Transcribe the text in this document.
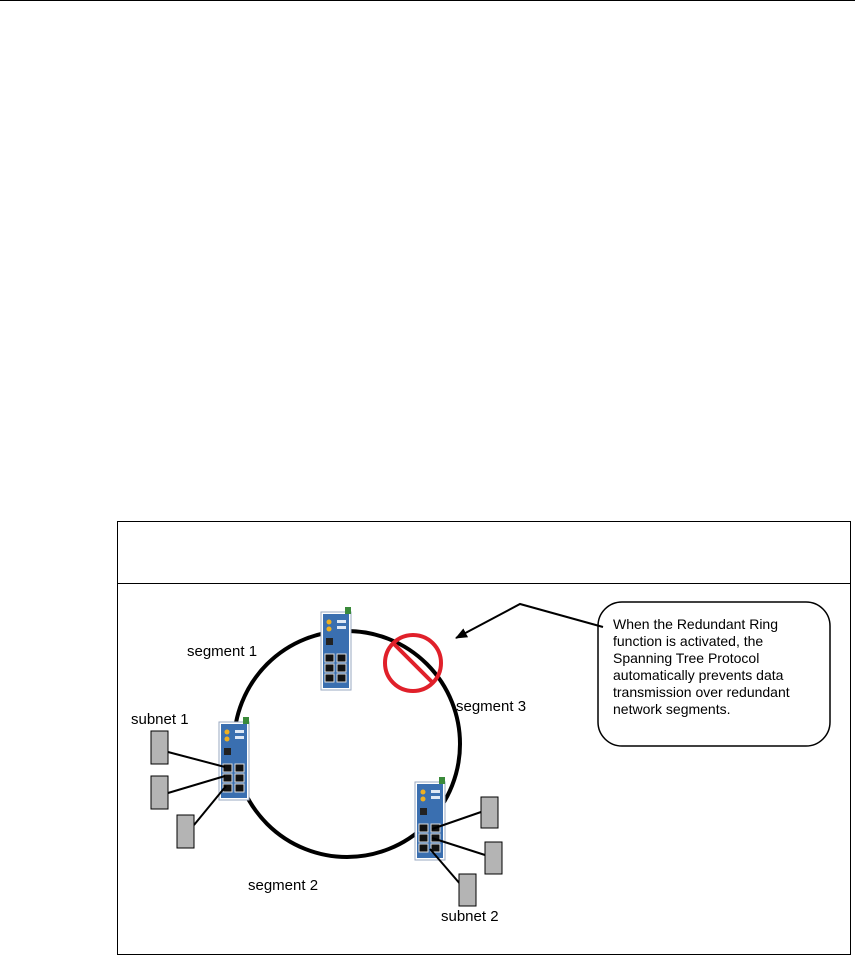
When the Redundant Ring function is activated, the Spanning Tree Protocol automatically prevents data transmission over redundant network segments.
segment 1
segment 3
subnet 1
segment 2
subnet 2
